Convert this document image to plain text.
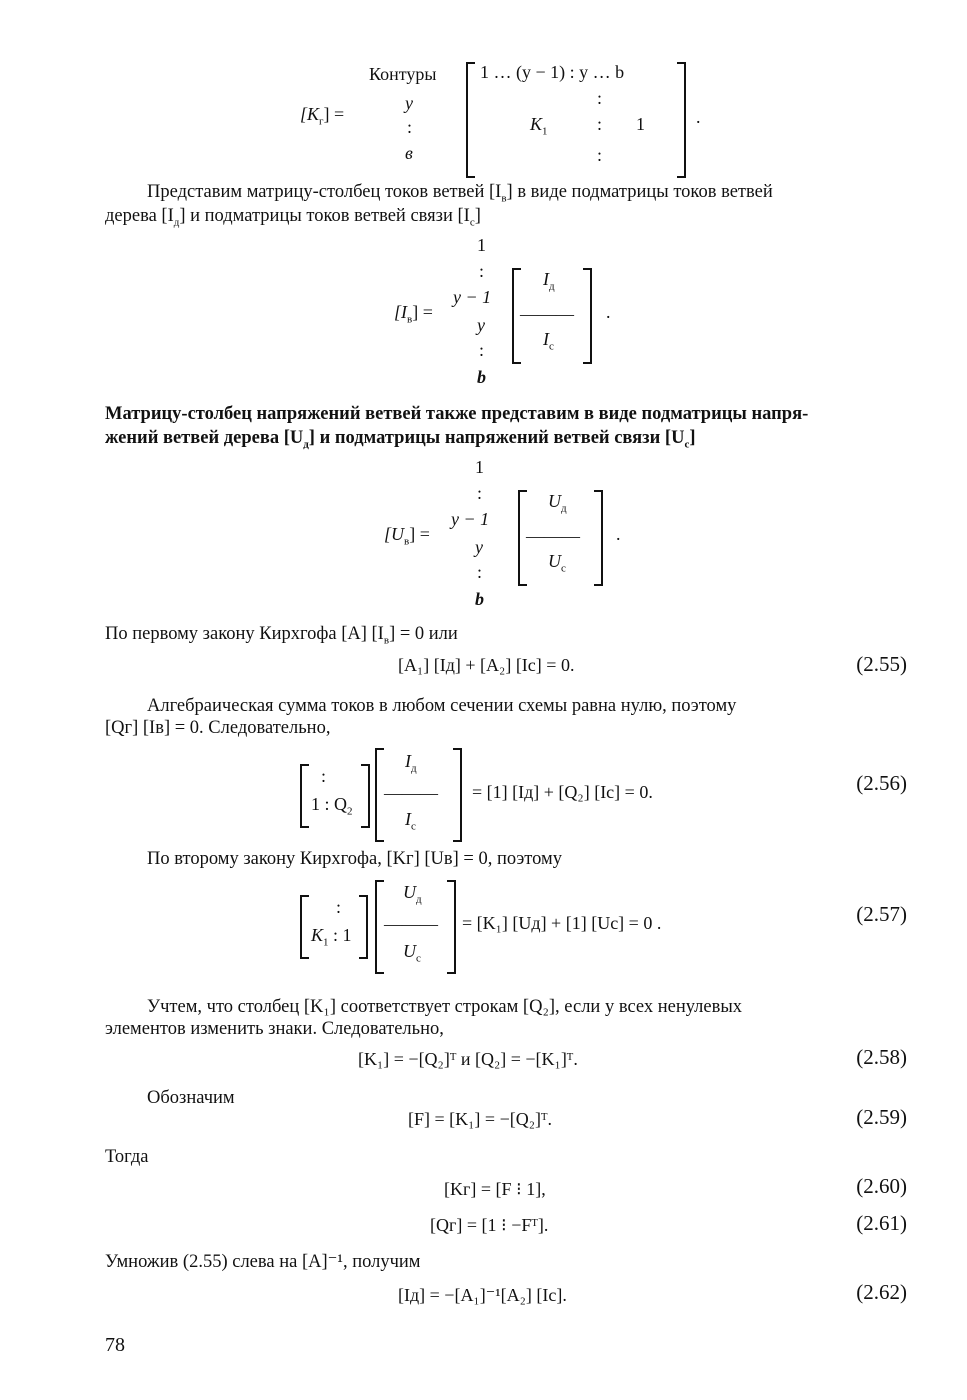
$[K_г]$ =
Контуры
y
:
в
1 … (y − 1) : y … b
:
$K_1$	: 1
:
.
Представим матрицу-столбец токов ветвей $[I_в]$ в виде подматрицы токов ветвей
дерева $[I_д]$ и подматрицы токов ветвей связи $[I_с]$
$[I_в]$ =
1
:
y − 1
y
:
b
$I_д$
———
$I_с$
.
Матрицу-столбец напряжений ветвей также представим в виде подматрицы напря-
жений ветвей дерева $[U_д]$ и подматрицы напряжений ветвей связи $[U_с]$
$[U_в]$ =
1
:
y − 1
y
:
b
$U_д$
———
$U_с$
.
По первому закону Кирхгофа [A] $[I_в] = 0$ или
[A₁] [Iд] + [A₂] [Iс] = 0.	(2.55)
Алгебраическая сумма токов в любом сечении схемы равна нулю, поэтому
[Qг] [Iв] = 0. Следовательно,
:
1 : $Q_2$
$I_д$
———
$I_с$
= [1] [Iд] + [Q₂] [Iс] = 0.	(2.56)
По второму закону Кирхгофа, [Kг] [Uв] = 0, поэтому
:
$K_1$ : 1
$U_д$
———
$U_с$
= [K₁] [Uд] + [1] [Uс] = 0 .	(2.57)
Учтем, что столбец [K₁] соответствует строкам [Q₂], если у всех ненулевых
элементов изменить знаки. Следовательно,
[K₁] = −[Q₂]ᵀ и [Q₂] = −[K₁]ᵀ.	(2.58)
Обозначим
[F] = [K₁] = −[Q₂]ᵀ.	(2.59)
Тогда
[Kг] = [F ⁝ 1],	(2.60)
[Qг] = [1 ⁝ −Fᵀ].	(2.61)
Умножив (2.55) слева на [A]⁻¹, получим
[Iд] = −[A₁]⁻¹[A₂] [Iс].	(2.62)
78
